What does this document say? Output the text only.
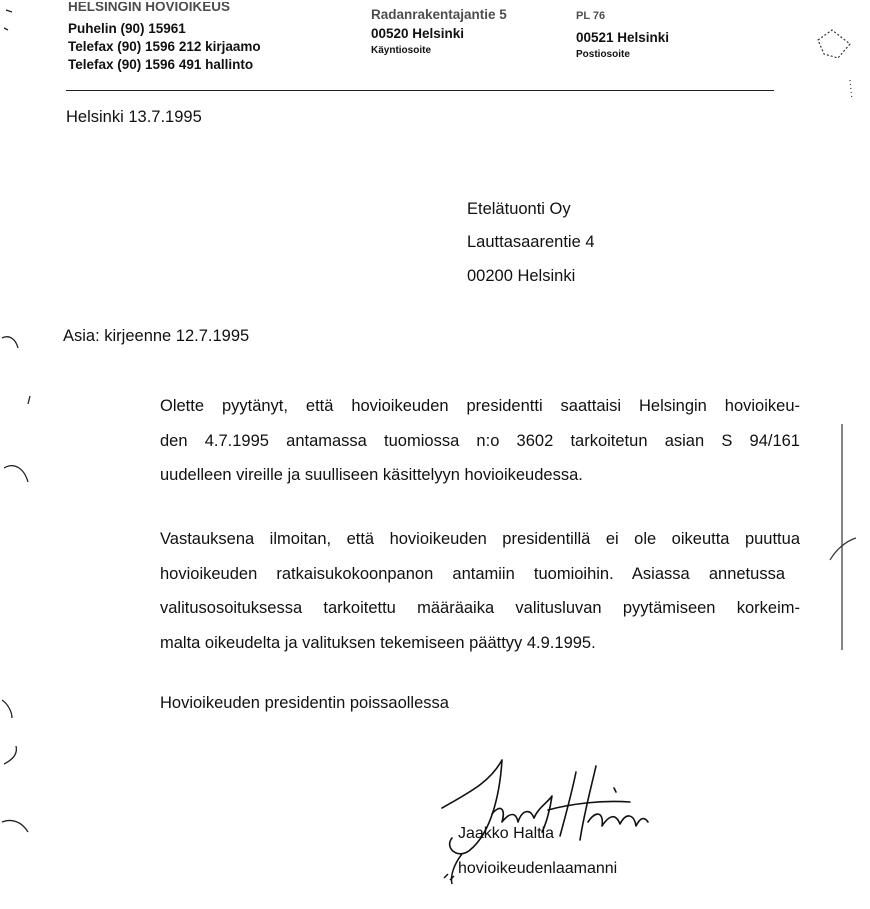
HELSINGIN HOVIOIKEUS
Puhelin (90) 15961
Telefax (90) 1596 212 kirjaamo
Telefax (90) 1596 491 hallinto
Radanrakentajantie 5
00520 Helsinki
Käyntiosoite
PL 76
00521 Helsinki
Postiosoite
Helsinki 13.7.1995
Etelätuonti Oy
Lauttasaarentie 4
00200 Helsinki
Asia: kirjeenne 12.7.1995
Olette pyytänyt, että hovioikeuden presidentti saattaisi Helsingin hovioikeu-
den 4.7.1995 antamassa tuomiossa n:o 3602 tarkoitetun asian S 94/161
uudelleen vireille ja suulliseen käsittelyyn hovioikeudessa.
Vastauksena ilmoitan, että hovioikeuden presidentillä ei ole oikeutta puuttua
hovioikeuden ratkaisukokoonpanon antamiin tuomioihin. Asiassa annetussa
valitusosoituksessa tarkoitettu määräaika valitusluvan pyytämiseen korkeim-
malta oikeudelta ja valituksen tekemiseen päättyy 4.9.1995.
Hovioikeuden presidentin poissaollessa
Jaakko Haltia
hovioikeudenlaamanni
